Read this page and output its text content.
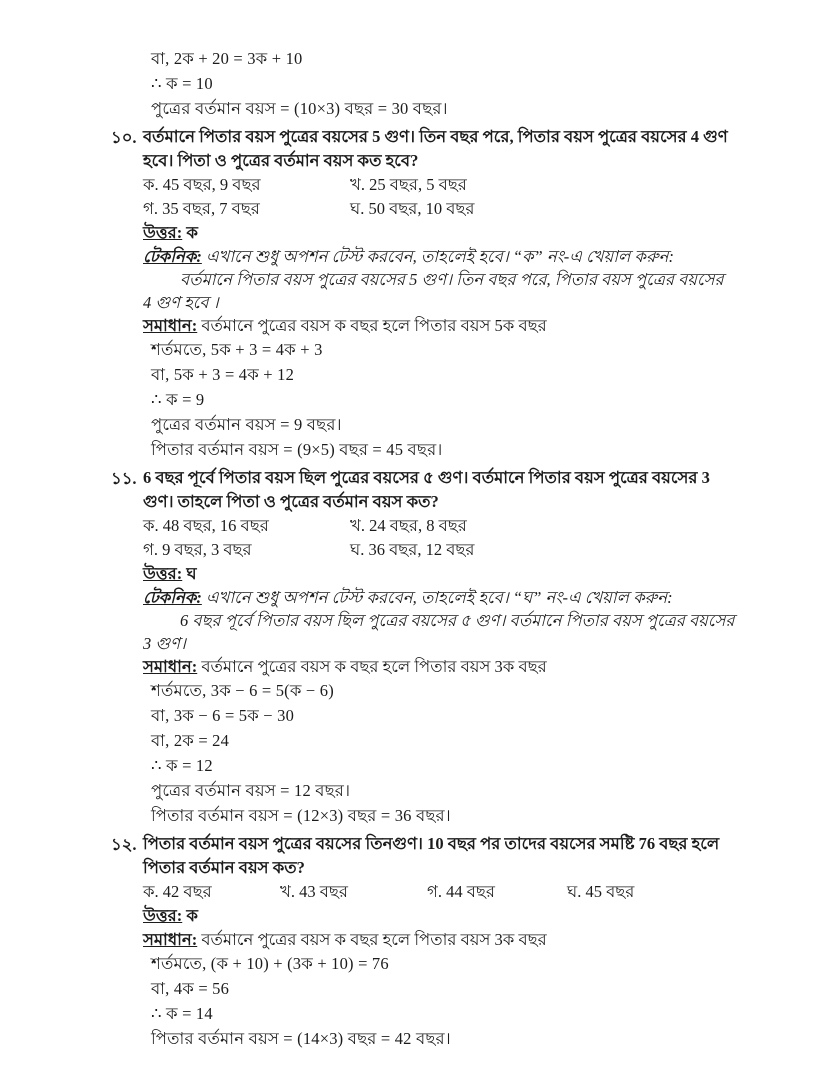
বা, 2ক + 20 = 3ক + 10
∴ ক = 10
পুত্রের বর্তমান বয়স = (10×3) বছর = 30 বছর।
১০. বর্তমানে পিতার বয়স পুত্রের বয়সের 5 গুণ। তিন বছর পরে, পিতার বয়স পুত্রের বয়সের 4 গুণ হবে। পিতা ও পুত্রের বর্তমান বয়স কত হবে?
ক. 45 বছর, 9 বছর	খ. 25 বছর, 5 বছর
গ. 35 বছর, 7 বছর	ঘ. 50 বছর, 10 বছর
উত্তর: ক
টেকনিক: এখানে শুধু অপশন টেস্ট করবেন, তাহলেই হবে। “ক” নং-এ খেয়াল করুন:
বর্তমানে পিতার বয়স পুত্রের বয়সের 5 গুণ। তিন বছর পরে, পিতার বয়স পুত্রের বয়সের
4 গুণ হবে ।
সমাধান: বর্তমানে পুত্রের বয়স ক বছর হলে পিতার বয়স 5ক বছর
শর্তমতে, 5ক + 3 = 4ক + 3
বা, 5ক + 3 = 4ক + 12
∴ ক = 9
পুত্রের বর্তমান বয়স = 9 বছর।
পিতার বর্তমান বয়স = (9×5) বছর = 45 বছর।
১১. 6 বছর পূর্বে পিতার বয়স ছিল পুত্রের বয়সের ৫ গুণ। বর্তমানে পিতার বয়স পুত্রের বয়সের 3 গুণ। তাহলে পিতা ও পুত্রের বর্তমান বয়স কত?
ক. 48 বছর, 16 বছর	খ. 24 বছর, 8 বছর
গ. 9 বছর, 3 বছর	ঘ. 36 বছর, 12 বছর
উত্তর: ঘ
টেকনিক: এখানে শুধু অপশন টেস্ট করবেন, তাহলেই হবে। “ঘ” নং-এ খেয়াল করুন:
6 বছর পূর্বে পিতার বয়স ছিল পুত্রের বয়সের ৫ গুণ। বর্তমানে পিতার বয়স পুত্রের বয়সের
3 গুণ।
সমাধান: বর্তমানে পুত্রের বয়স ক বছর হলে পিতার বয়স 3ক বছর
শর্তমতে, 3ক − 6 = 5(ক − 6)
বা, 3ক − 6 = 5ক − 30
বা, 2ক = 24
∴ ক = 12
পুত্রের বর্তমান বয়স = 12 বছর।
পিতার বর্তমান বয়স = (12×3) বছর = 36 বছর।
১২. পিতার বর্তমান বয়স পুত্রের বয়সের তিনগুণ। 10 বছর পর তাদের বয়সের সমষ্টি 76 বছর হলে পিতার বর্তমান বয়স কত?
ক. 42 বছর	খ. 43 বছর	গ. 44 বছর	ঘ. 45 বছর
উত্তর: ক
সমাধান: বর্তমানে পুত্রের বয়স ক বছর হলে পিতার বয়স 3ক বছর
শর্তমতে, (ক + 10) + (3ক + 10) = 76
বা, 4ক = 56
∴ ক = 14
পিতার বর্তমান বয়স = (14×3) বছর = 42 বছর।
